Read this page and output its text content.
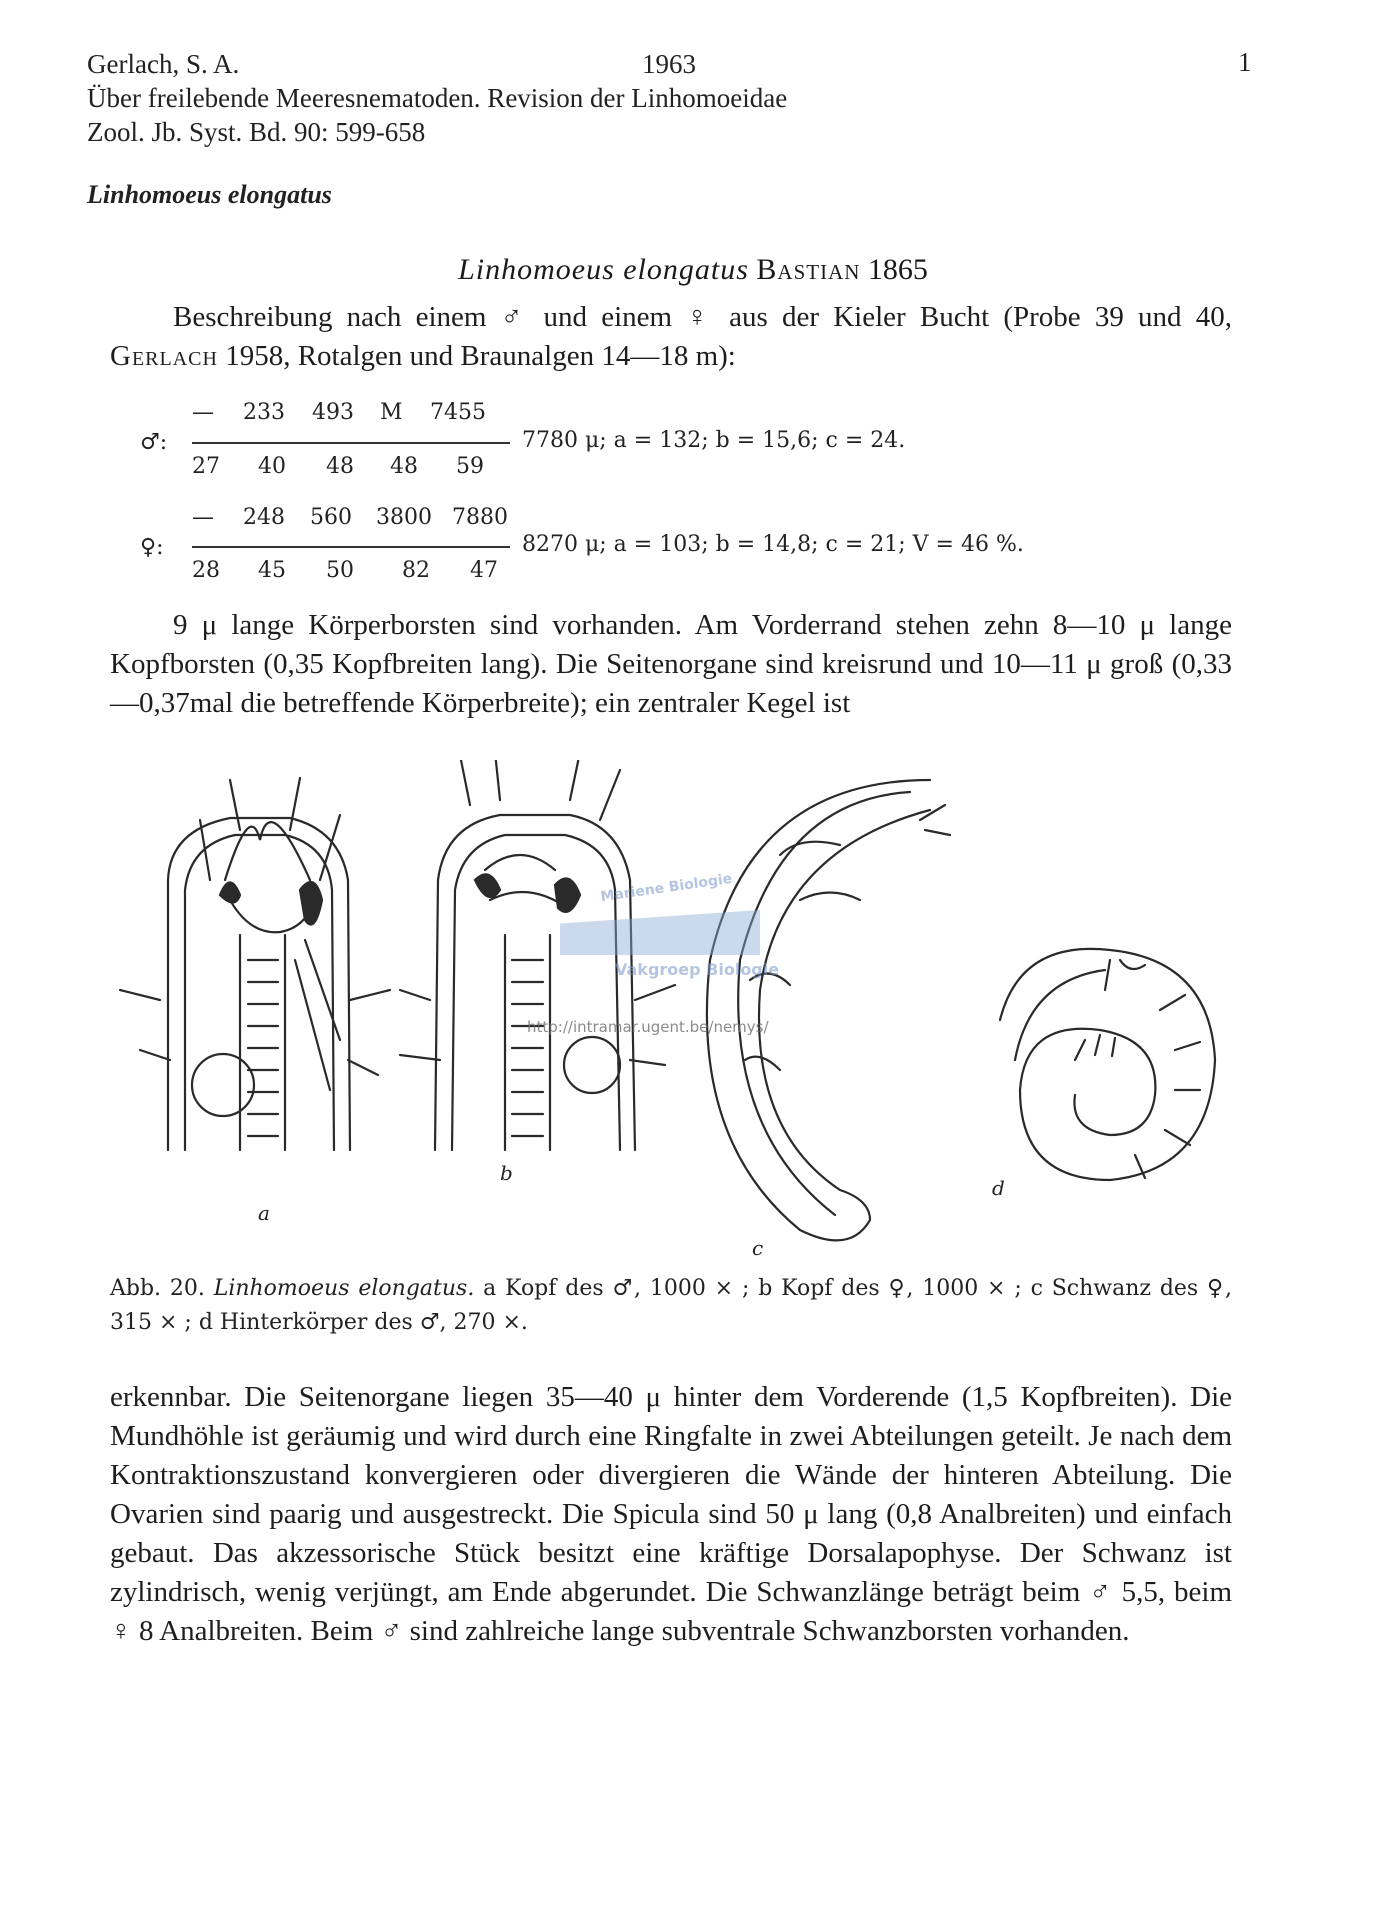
Gerlach, S. A.	1963	1
Über freilebende Meeresnematoden. Revision der Linhomoeidae
Zool. Jb. Syst. Bd. 90: 599-658
Linhomoeus elongatus
Linhomoeus elongatus Bastian 1865
Beschreibung nach einem ♂ und einem ♀ aus der Kieler Bucht (Probe 39 und 40, Gerlach 1958, Rotalgen und Braunalgen 14—18 m):
♂:
— 233 493 M 7455
27 40 48 48 59
7780 μ; a = 132; b = 15,6; c = 24.
♀:
— 248 560 3800 7880
28 45 50 82 47
8270 μ; a = 103; b = 14,8; c = 21; V = 46 %.
9 μ lange Körperborsten sind vorhanden. Am Vorderrand stehen zehn 8—10 μ lange Kopfborsten (0,35 Kopfbreiten lang). Die Seitenorgane sind kreisrund und 10—11 μ groß (0,33—0,37mal die betreffende Körperbreite); ein zentraler Kegel ist
a
b
c
d
Mariene Biologie
Vakgroep Biologie
http://intramar.ugent.be/nemys/
Abb. 20. Linhomoeus elongatus. a Kopf des ♂, 1000 × ; b Kopf des ♀, 1000 × ; c Schwanz des ♀, 315 × ; d Hinterkörper des ♂, 270 ×.
erkennbar. Die Seitenorgane liegen 35—40 μ hinter dem Vorderende (1,5 Kopfbreiten). Die Mundhöhle ist geräumig und wird durch eine Ringfalte in zwei Abteilungen geteilt. Je nach dem Kontraktionszustand konvergieren oder divergieren die Wände der hinteren Abteilung. Die Ovarien sind paarig und ausgestreckt. Die Spicula sind 50 μ lang (0,8 Analbreiten) und einfach gebaut. Das akzessorische Stück besitzt eine kräftige Dorsalapophyse. Der Schwanz ist zylindrisch, wenig verjüngt, am Ende abgerundet. Die Schwanzlänge beträgt beim ♂ 5,5, beim ♀ 8 Analbreiten. Beim ♂ sind zahlreiche lange subventrale Schwanzborsten vorhanden.
